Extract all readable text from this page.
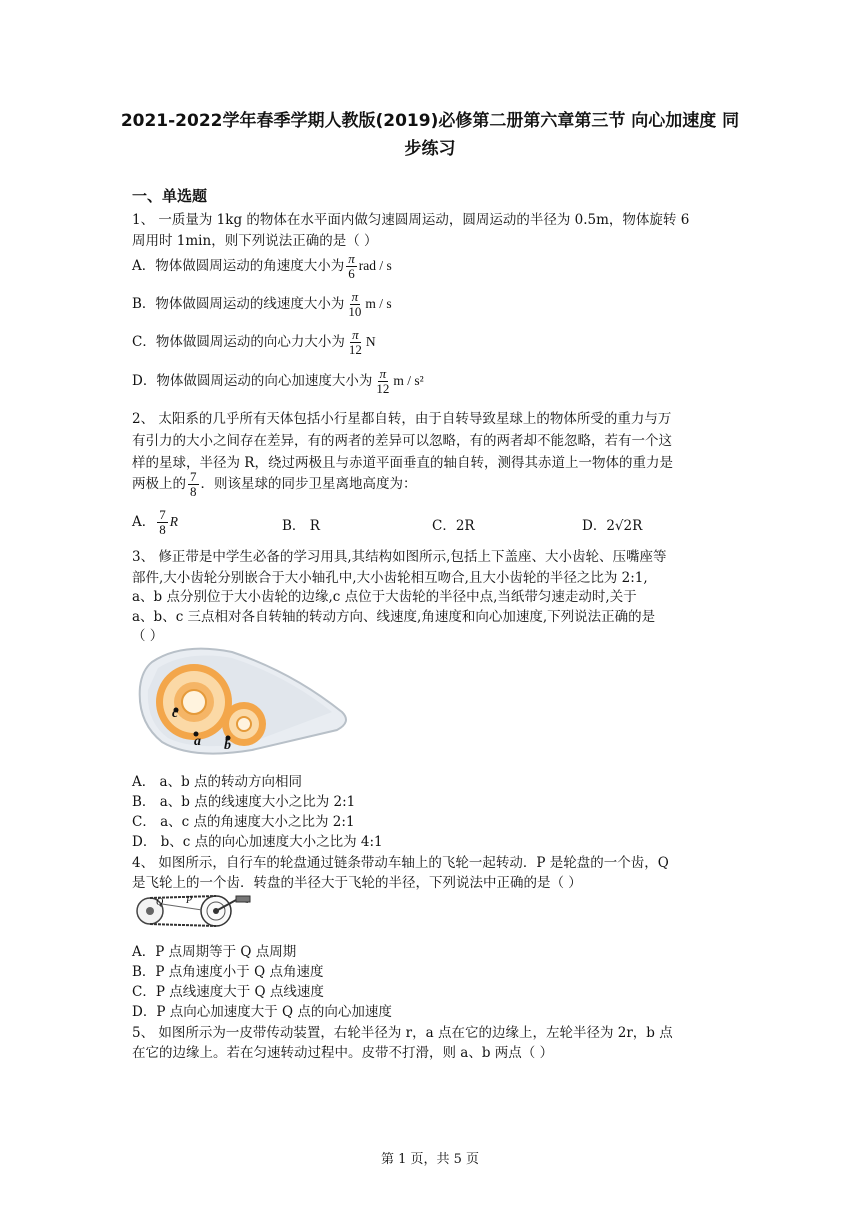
2021-2022学年春季学期人教版(2019)必修第二册第六章第三节 向心加速度 同
步练习
一、单选题
1、 一质量为 1kg 的物体在水平面内做匀速圆周运动，圆周运动的半径为 0.5m，物体旋转 6
周用时 1min，则下列说法正确的是（ ）
A．物体做圆周运动的角速度大小为 $\frac{\pi}{6}$ rad / s
B．物体做圆周运动的线速度大小为 $\frac{\pi}{10}$ m / s
C．物体做圆周运动的向心力大小为 $\frac{\pi}{12}$ N
D．物体做圆周运动的向心加速度大小为 $\frac{\pi}{12}$ m / s²
2、 太阳系的几乎所有天体包括小行星都自转，由于自转导致星球上的物体所受的重力与万
有引力的大小之间存在差异，有的两者的差异可以忽略，有的两者却不能忽略，若有一个这
样的星球，半径为 R，绕过两极且与赤道平面垂直的轴自转，测得其赤道上一物体的重力是
两极上的 $\frac{7}{8}$ ．则该星球的同步卫星离地高度为：
A． $\frac{7}{8}$ R	B． R	C．2R	D．2√2R
3、 修正带是中学生必备的学习用具,其结构如图所示,包括上下盖座、大小齿轮、压嘴座等
部件,大小齿轮分别嵌合于大小轴孔中,大小齿轮相互吻合,且大小齿轮的半径之比为 2:1,
a、b 点分别位于大小齿轮的边缘,c 点位于大齿轮的半径中点,当纸带匀速走动时,关于
a、b、c 三点相对各自转轴的转动方向、线速度,角速度和向心加速度,下列说法正确的是
（ ）
c
a b
A． a、b 点的转动方向相同
B． a、b 点的线速度大小之比为 2:1
C． a、c 点的角速度大小之比为 2:1
D． b、c 点的向心加速度大小之比为 4:1
4、 如图所示，自行车的轮盘通过链条带动车轴上的飞轮一起转动．P 是轮盘的一个齿，Q
是飞轮上的一个齿．转盘的半径大于飞轮的半径，下列说法中正确的是（ ）
Q P
A．P 点周期等于 Q 点周期
B．P 点角速度小于 Q 点角速度
C．P 点线速度大于 Q 点线速度
D．P 点向心加速度大于 Q 点的向心加速度
5、 如图所示为一皮带传动装置，右轮半径为 r，a 点在它的边缘上，左轮半径为 2r，b 点
在它的边缘上。若在匀速转动过程中。皮带不打滑，则 a、b 两点（ ）
第 1 页，共 5 页
